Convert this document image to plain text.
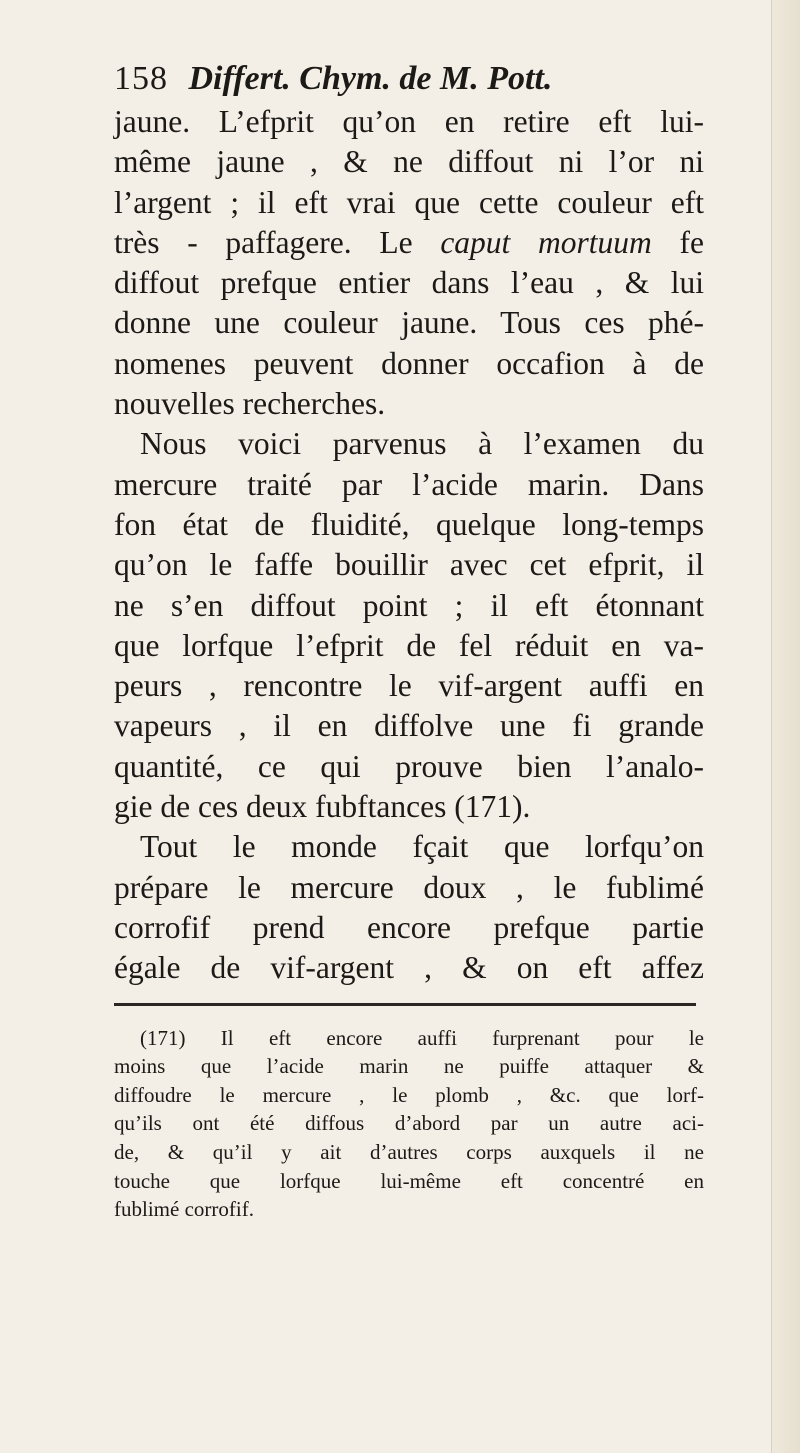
158 Differt. Chym. de M. Pott.
jaune. L’efprit qu’on en retire eft lui-
même jaune , & ne diffout ni l’or ni
l’argent ; il eft vrai que cette couleur eft
très - paffagere. Le caput mortuum fe
diffout prefque entier dans l’eau , & lui
donne une couleur jaune. Tous ces phé-
nomenes peuvent donner occafion à de
nouvelles recherches.
Nous voici parvenus à l’examen du
mercure traité par l’acide marin. Dans
fon état de fluidité, quelque long-temps
qu’on le faffe bouillir avec cet efprit, il
ne s’en diffout point ; il eft étonnant
que lorfque l’efprit de fel réduit en va-
peurs , rencontre le vif-argent auffi en
vapeurs , il en diffolve une fi grande
quantité, ce qui prouve bien l’analo-
gie de ces deux fubftances (171).
Tout le monde fçait que lorfqu’on
prépare le mercure doux , le fublimé
corrofif prend encore prefque partie
égale de vif-argent , & on eft affez
(171) Il eft encore auffi furprenant pour le
moins que l’acide marin ne puiffe attaquer &
diffoudre le mercure , le plomb , &c. que lorf-
qu’ils ont été diffous d’abord par un autre aci-
de, & qu’il y ait d’autres corps auxquels il ne
touche que lorfque lui-même eft concentré en
fublimé corrofif.
